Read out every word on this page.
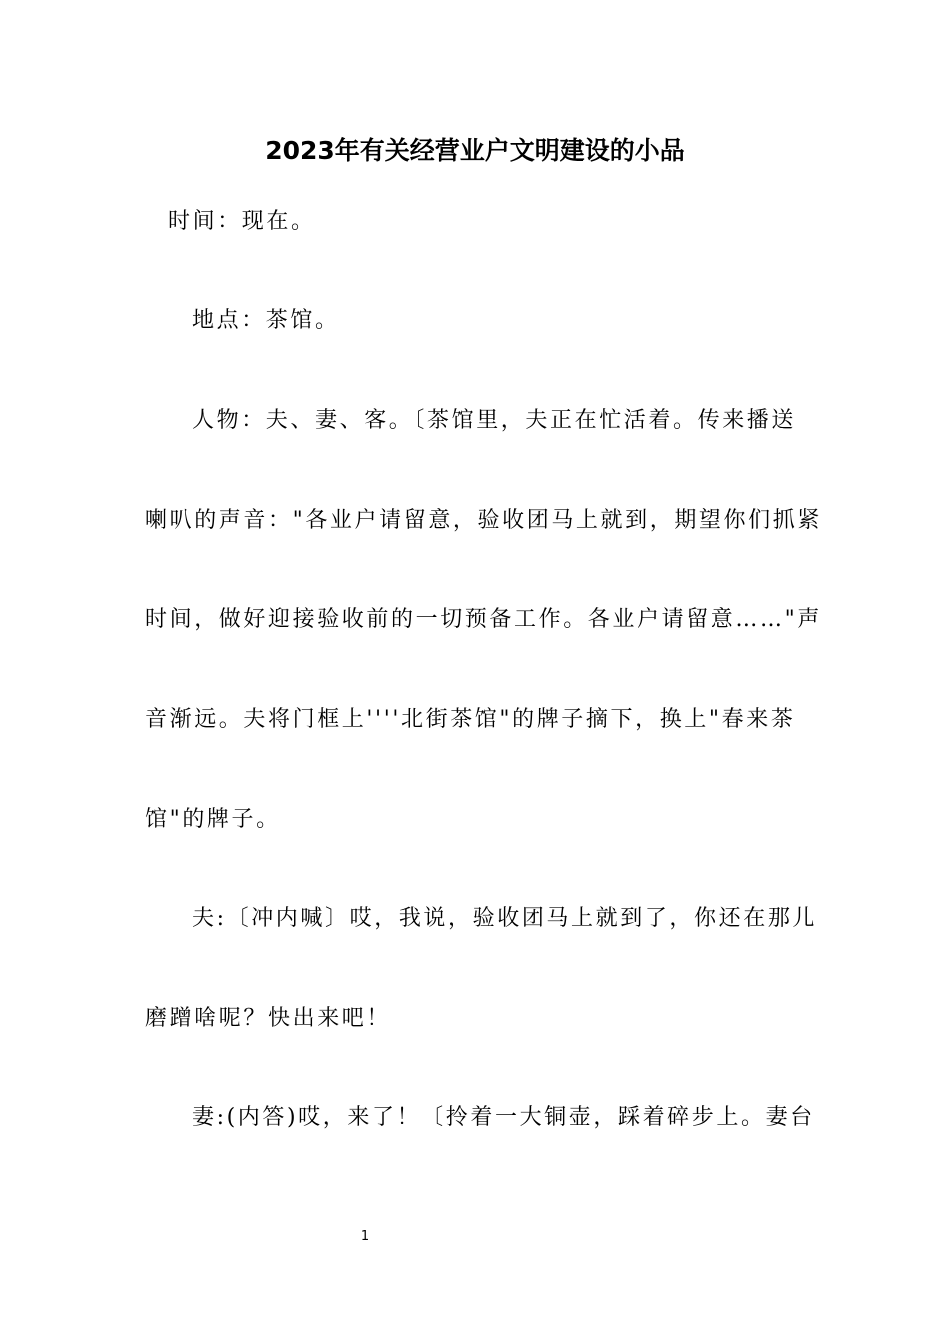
2023年有关经营业户文明建设的小品
时间：现在。
地点：茶馆。
人物：夫、妻、客。〔茶馆里，夫正在忙活着。传来播送
喇叭的声音："各业户请留意，验收团马上就到，期望你们抓紧
时间，做好迎接验收前的一切预备工作。各业户请留意……"声
音渐远。夫将门框上''''北街茶馆"的牌子摘下，换上"春来茶
馆"的牌子。
夫:〔冲内喊〕哎，我说，验收团马上就到了，你还在那儿
磨蹭啥呢？快出来吧！
妻:(内答)哎，来了！〔拎着一大铜壶，踩着碎步上。妻台
1
